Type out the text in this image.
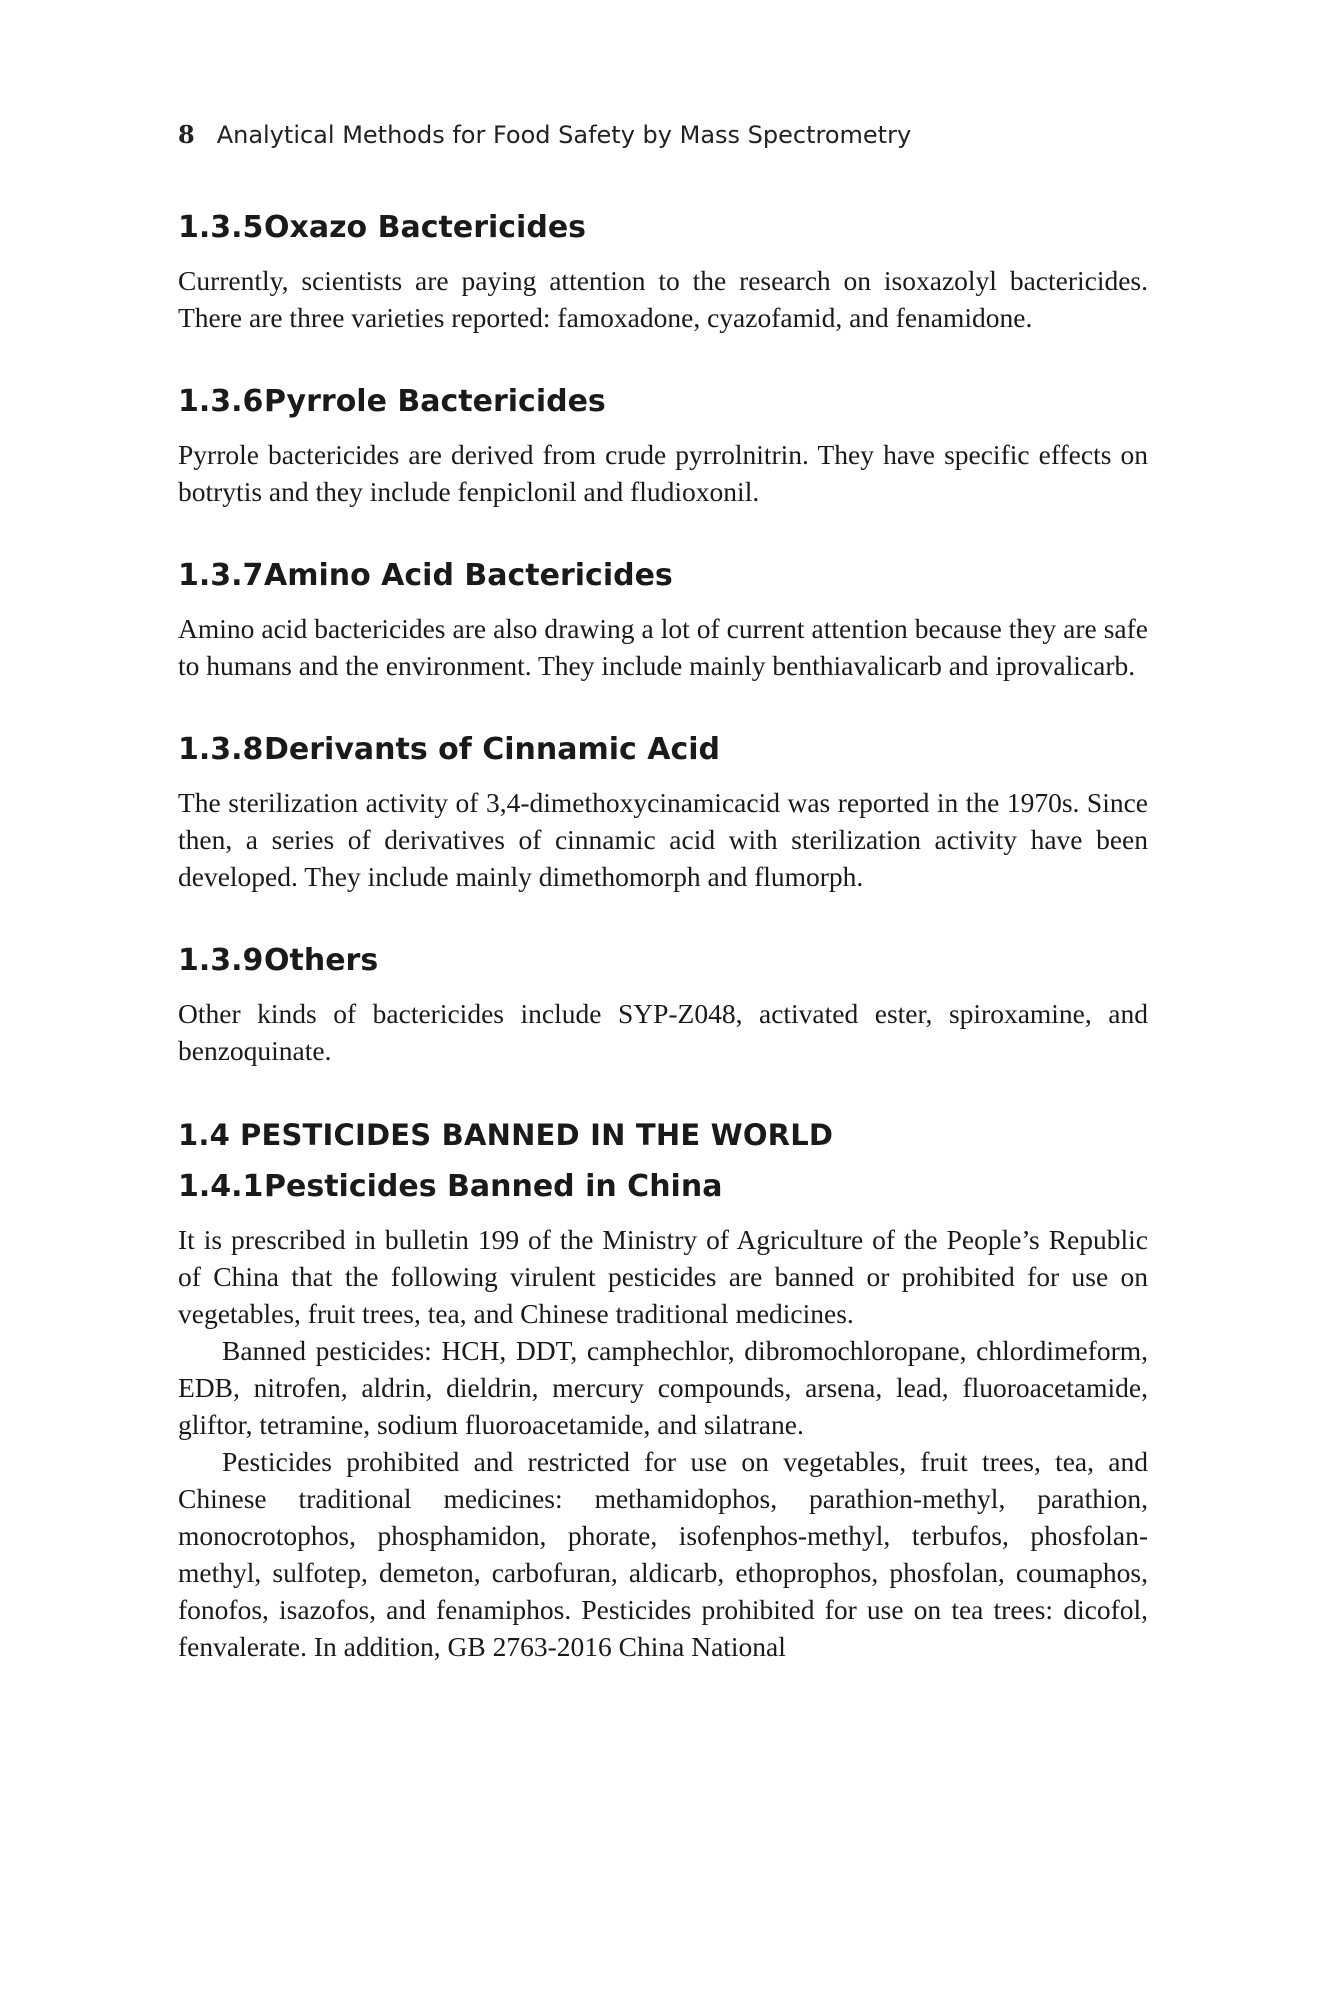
8 Analytical Methods for Food Safety by Mass Spectrometry
1.3.5Oxazo Bactericides

Currently, scientists are paying attention to the research on isoxazolyl bactericides. There are three varieties reported: famoxadone, cyazofamid, and fenamidone.

1.3.6Pyrrole Bactericides

Pyrrole bactericides are derived from crude pyrrolnitrin. They have specific effects on botrytis and they include fenpiclonil and fludioxonil.

1.3.7Amino Acid Bactericides

Amino acid bactericides are also drawing a lot of current attention because they are safe to humans and the environment. They include mainly benthiavalicarb and iprovalicarb.

1.3.8Derivants of Cinnamic Acid

The sterilization activity of 3,4-dimethoxycinamicacid was reported in the 1970s. Since then, a series of derivatives of cinnamic acid with sterilization activity have been developed. They include mainly dimethomorph and flumorph.

1.3.9Others

Other kinds of bactericides include SYP-Z048, activated ester, spiroxamine, and benzoquinate.

1.4 PESTICIDES BANNED IN THE WORLD
1.4.1Pesticides Banned in China

It is prescribed in bulletin 199 of the Ministry of Agriculture of the People’s Republic of China that the following virulent pesticides are banned or prohibited for use on vegetables, fruit trees, tea, and Chinese traditional medicines.

Banned pesticides: HCH, DDT, camphechlor, dibromochloropane, chlordimeform, EDB, nitrofen, aldrin, dieldrin, mercury compounds, arsena, lead, fluoroacetamide, gliftor, tetramine, sodium fluoroacetamide, and silatrane.

Pesticides prohibited and restricted for use on vegetables, fruit trees, tea, and Chinese traditional medicines: methamidophos, parathion-methyl, parathion, monocrotophos, phosphamidon, phorate, isofenphos-methyl, terbufos, phosfolan-methyl, sulfotep, demeton, carbofuran, aldicarb, ethoprophos, phosfolan, coumaphos, fonofos, isazofos, and fenamiphos. Pesticides prohibited for use on tea trees: dicofol, fenvalerate. In addition, GB 2763-2016 China National
